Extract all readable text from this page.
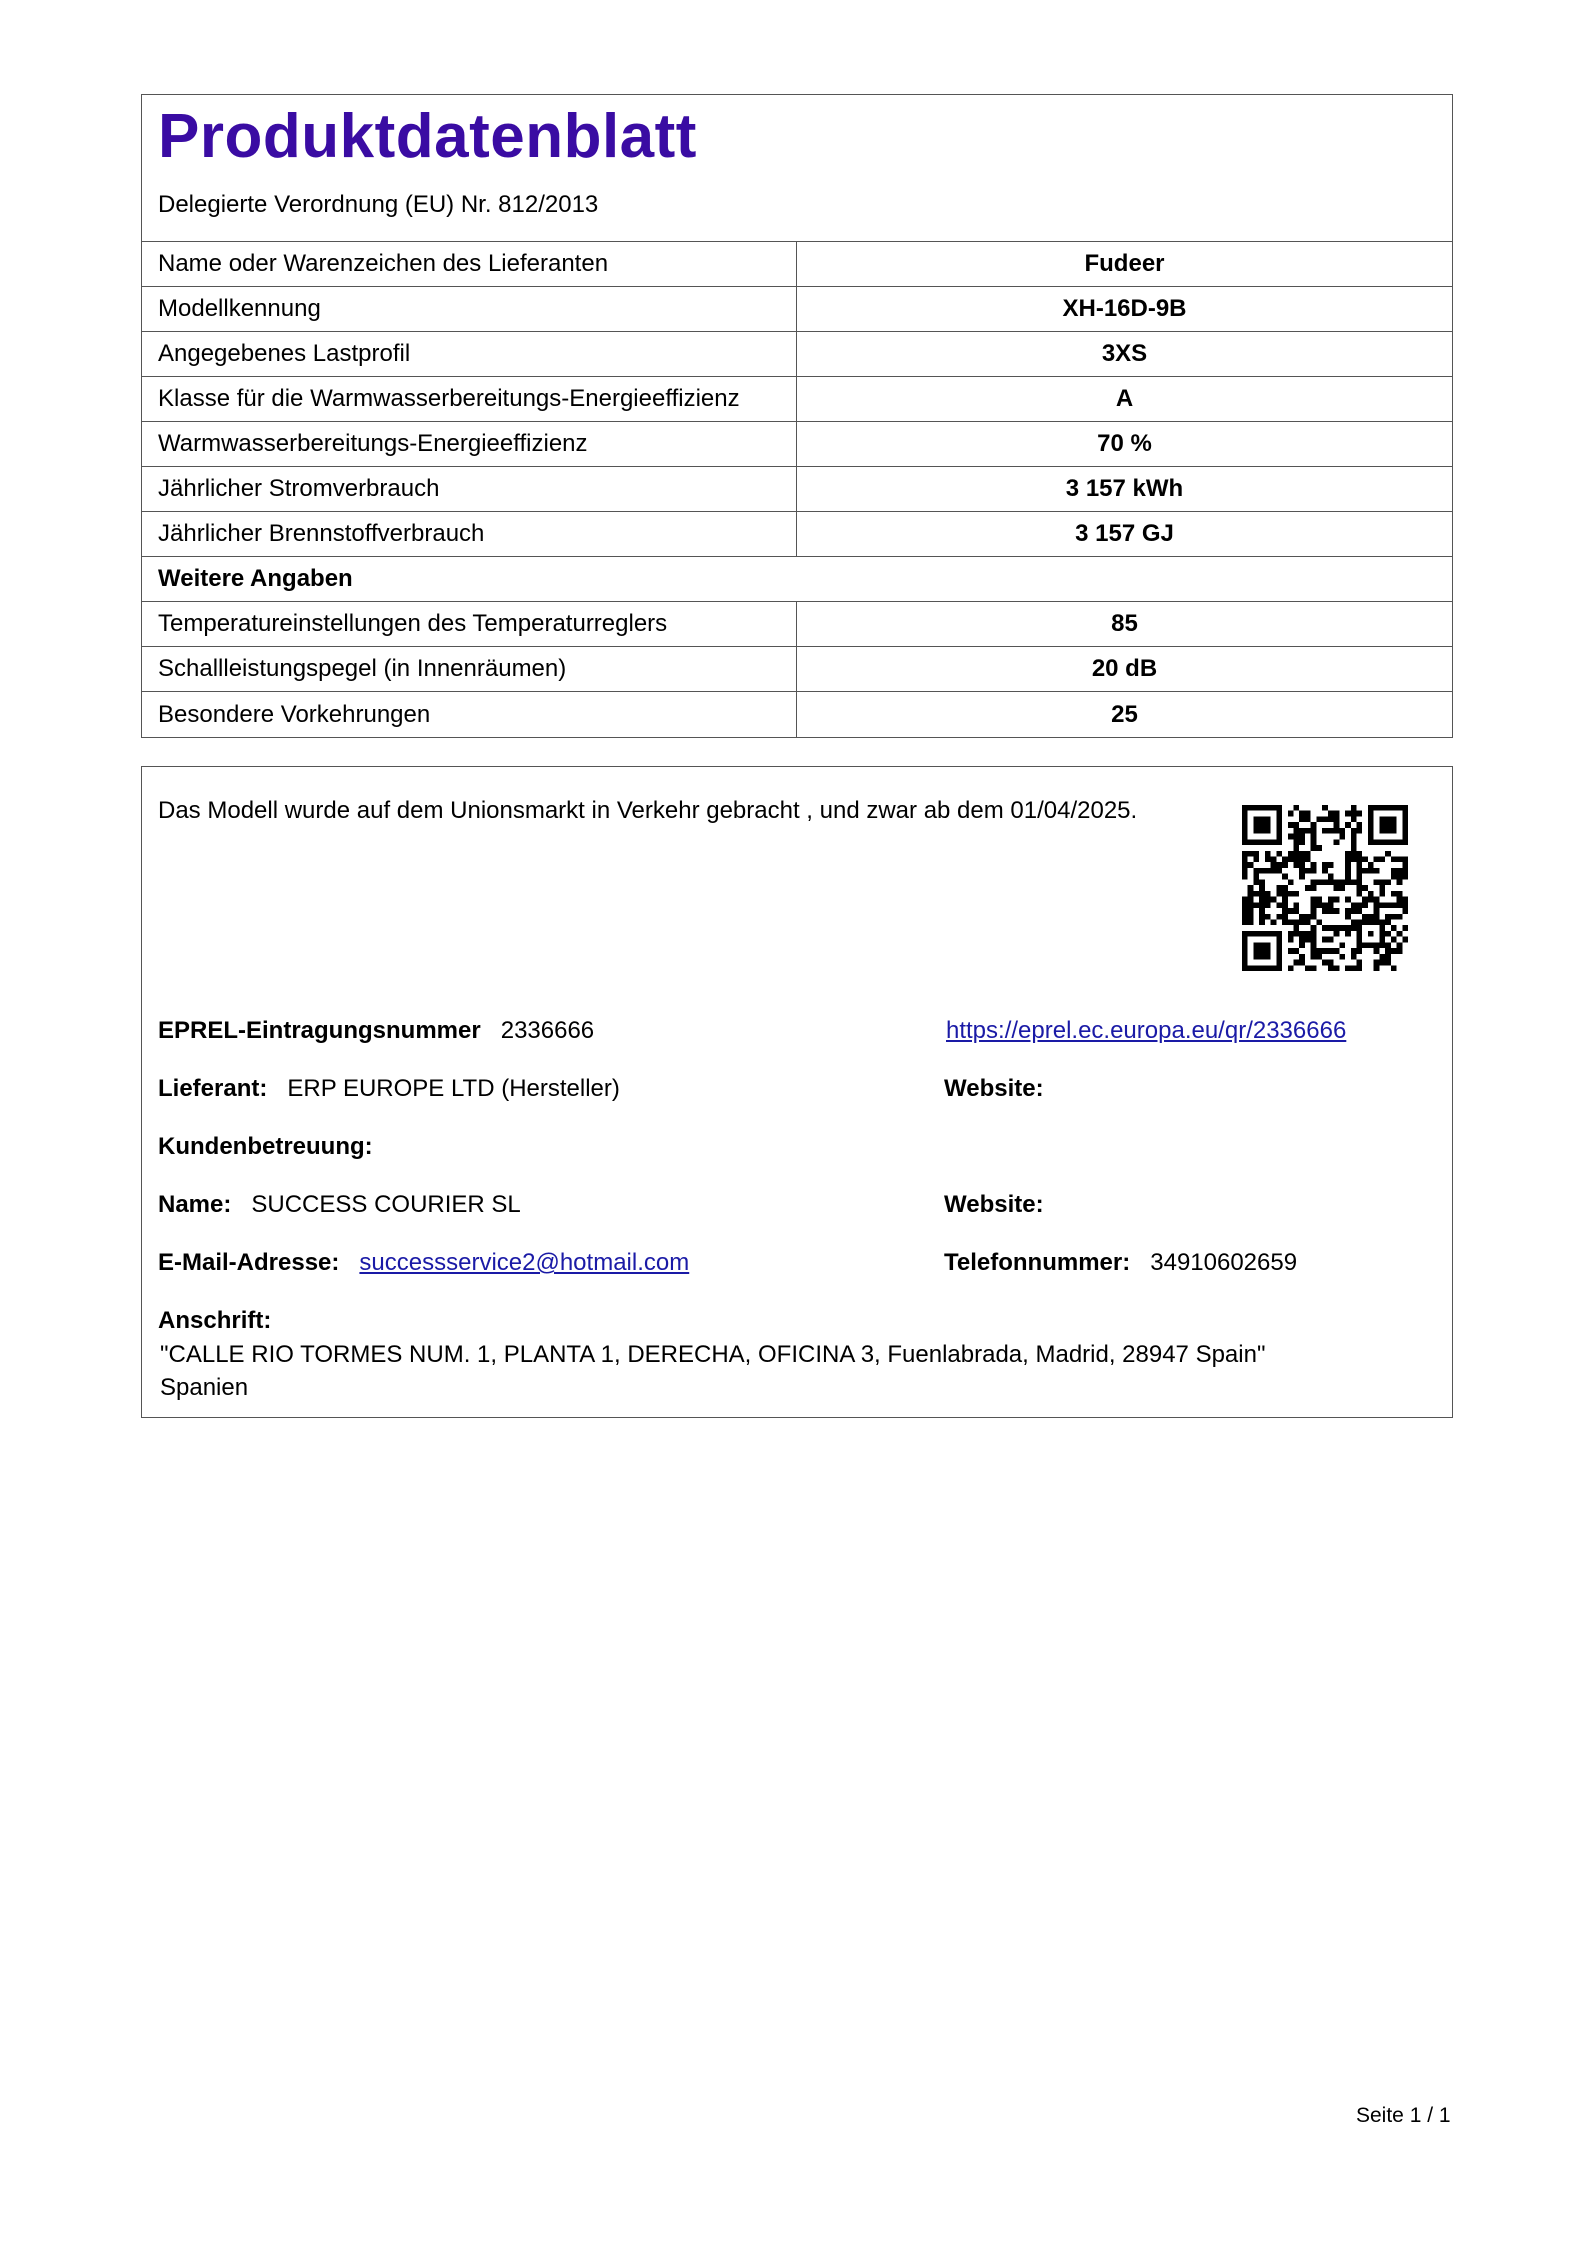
Produktdatenblatt
Delegierte Verordnung (EU) Nr. 812/2013
Name oder Warenzeichen des Lieferanten	Fudeer
Modellkennung	XH-16D-9B
Angegebenes Lastprofil	3XS
Klasse für die Warmwasserbereitungs-Energieeffizienz	A
Warmwasserbereitungs-Energieeffizienz	70 %
Jährlicher Stromverbrauch	3 157 kWh
Jährlicher Brennstoffverbrauch	3 157 GJ
Weitere Angaben
Temperatureinstellungen des Temperaturreglers	85
Schallleistungspegel (in Innenräumen)	20 dB
Besondere Vorkehrungen	25
Das Modell wurde auf dem Unionsmarkt in Verkehr gebracht , und zwar ab dem 01/04/2025.
EPREL-Eintragungsnummer 2336666	https://eprel.ec.europa.eu/qr/2336666
Lieferant: ERP EUROPE LTD (Hersteller)	Website:
Kundenbetreuung:
Name: SUCCESS COURIER SL	Website:
E-Mail-Adresse: successservice2@hotmail.com	Telefonnummer: 34910602659
Anschrift:
"CALLE RIO TORMES NUM. 1, PLANTA 1, DERECHA, OFICINA 3, Fuenlabrada, Madrid, 28947 Spain"
Spanien
Seite 1 / 1
